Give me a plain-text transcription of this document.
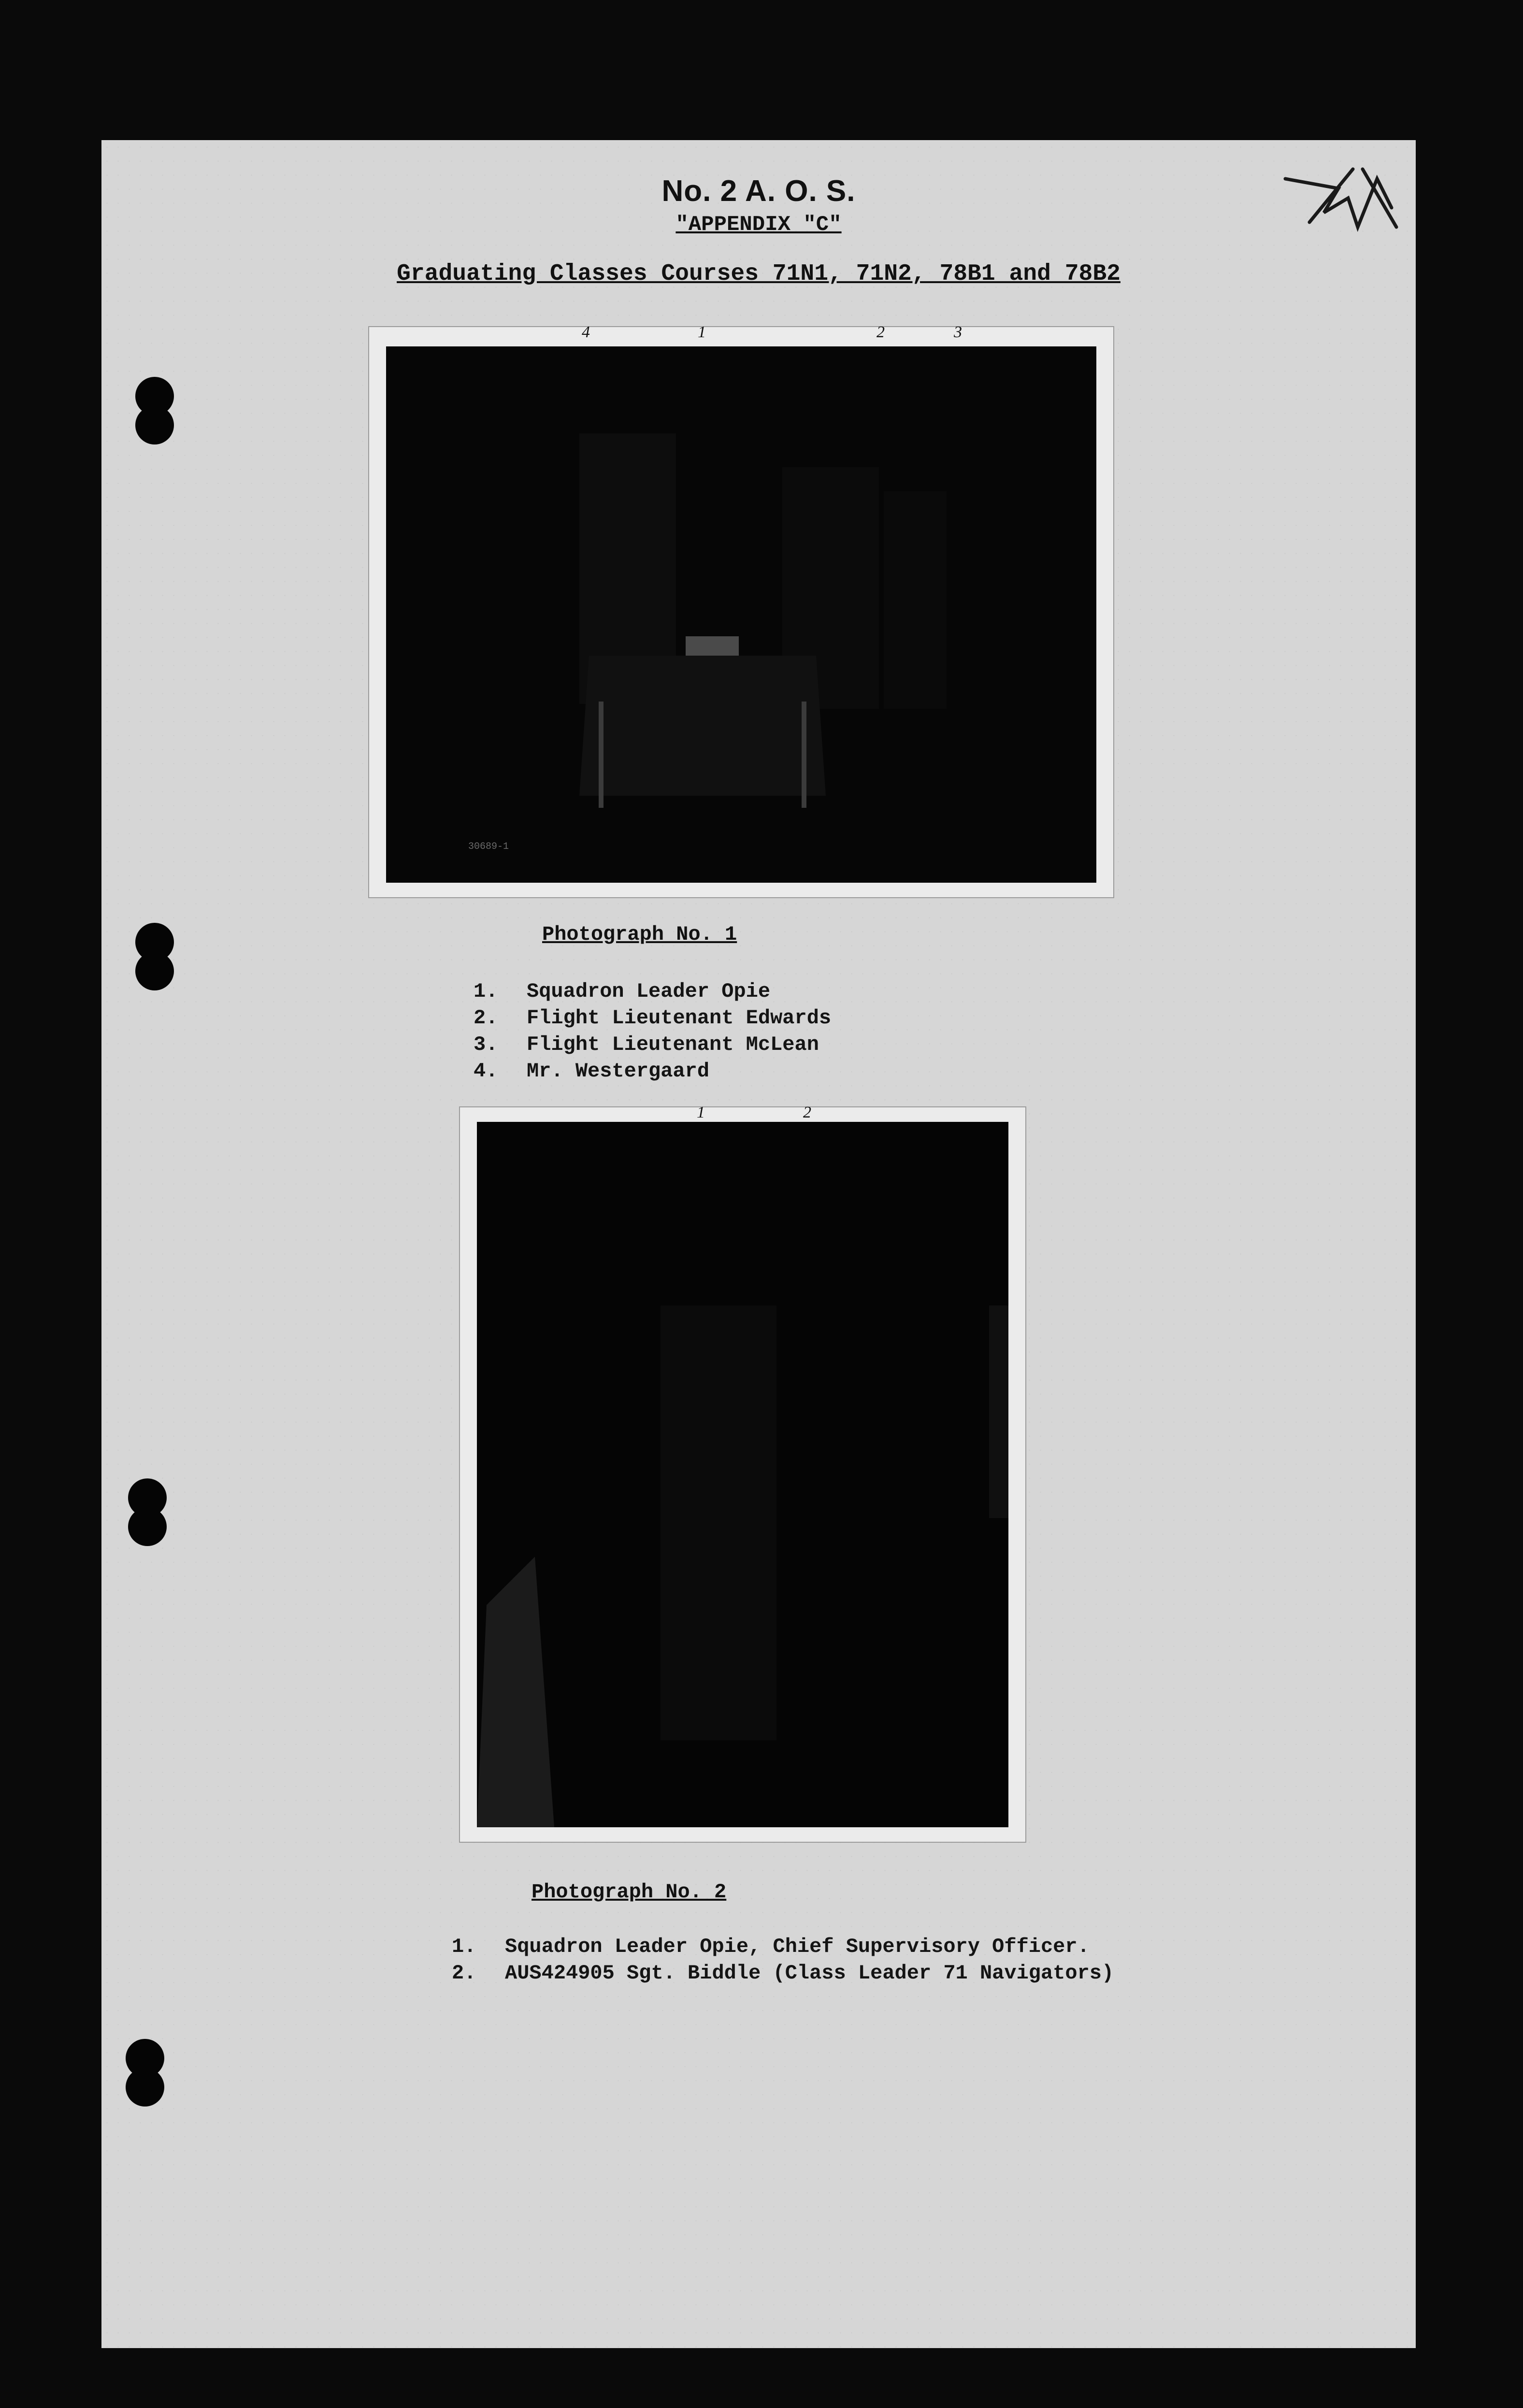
No. 2 A. O. S.
"APPENDIX "C"
Graduating Classes Courses 71N1, 71N2, 78B1 and 78B2
4	1	2	3
30689-1
Photograph No. 1
1. Squadron Leader Opie
2. Flight Lieutenant Edwards
3. Flight Lieutenant McLean
4. Mr. Westergaard
1	2
Photograph No. 2
1. Squadron Leader Opie, Chief Supervisory Officer.
2. AUS424905 Sgt. Biddle (Class Leader 71 Navigators)
